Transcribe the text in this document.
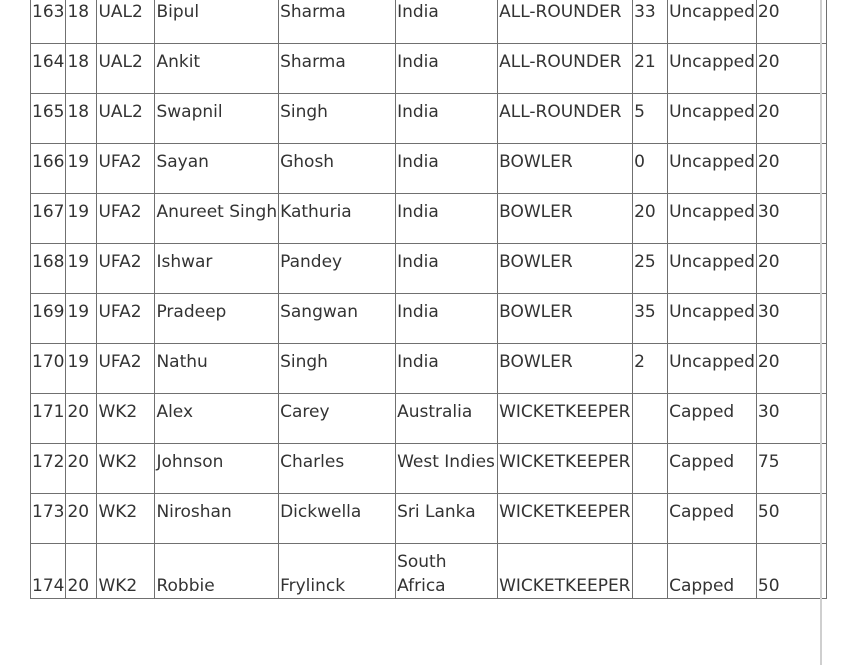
163	18	UAL2	Bipul	Sharma	India	ALL-ROUNDER	33	Uncapped	20
164	18	UAL2	Ankit	Sharma	India	ALL-ROUNDER	21	Uncapped	20
165	18	UAL2	Swapnil	Singh	India	ALL-ROUNDER	5	Uncapped	20
166	19	UFA2	Sayan	Ghosh	India	BOWLER	0	Uncapped	20
167	19	UFA2	Anureet Singh	Kathuria	India	BOWLER	20	Uncapped	30
168	19	UFA2	Ishwar	Pandey	India	BOWLER	25	Uncapped	20
169	19	UFA2	Pradeep	Sangwan	India	BOWLER	35	Uncapped	30
170	19	UFA2	Nathu	Singh	India	BOWLER	2	Uncapped	20
171	20	WK2	Alex	Carey	Australia	WICKETKEEPER		Capped	30
172	20	WK2	Johnson	Charles	West Indies	WICKETKEEPER		Capped	75
173	20	WK2	Niroshan	Dickwella	Sri Lanka	WICKETKEEPER		Capped	50
174	20	WK2	Robbie	Frylinck	South Africa	WICKETKEEPER		Capped	50
